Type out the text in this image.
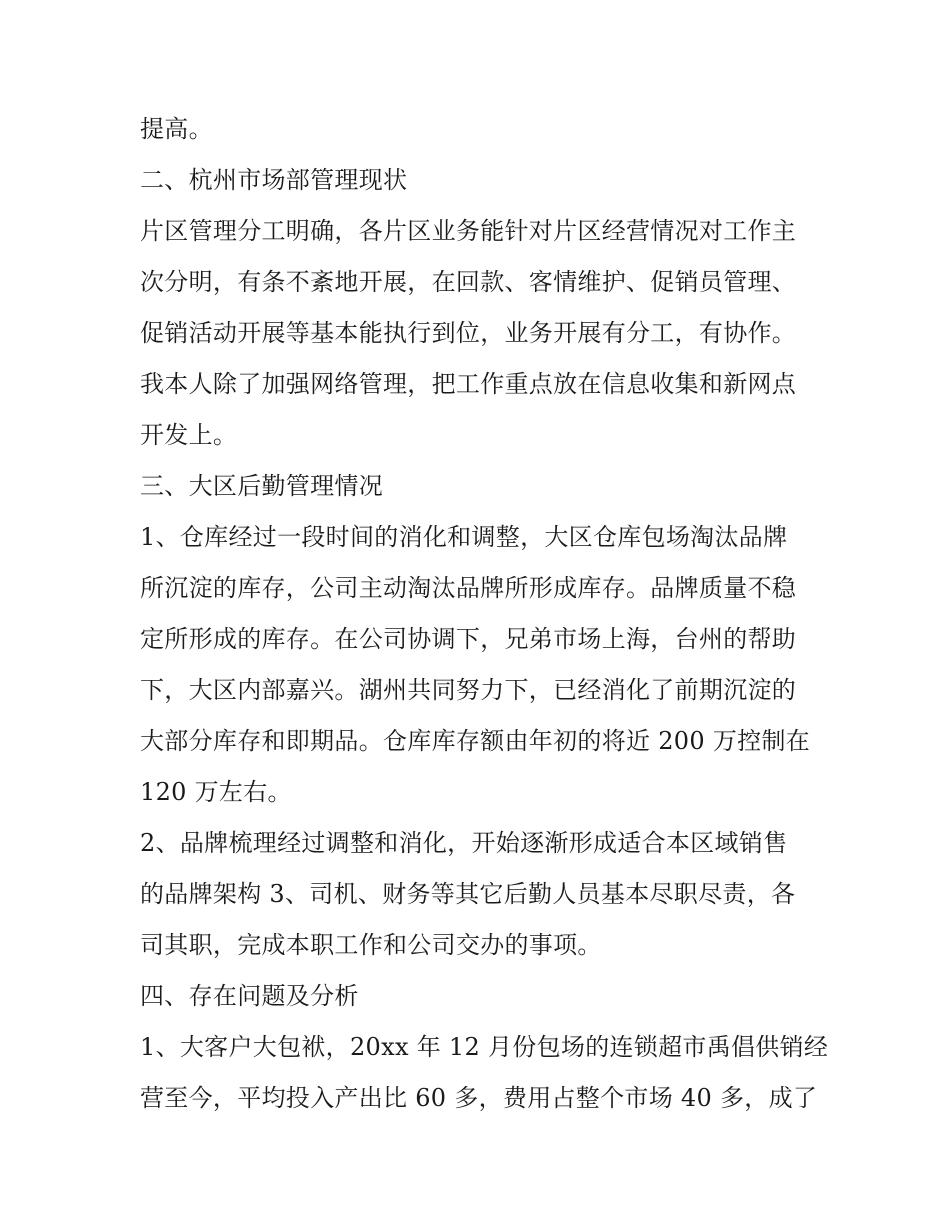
提高。
二、杭州市场部管理现状
片区管理分工明确，各片区业务能针对片区经营情况对工作主
次分明，有条不紊地开展，在回款、客情维护、促销员管理、
促销活动开展等基本能执行到位，业务开展有分工，有协作。
我本人除了加强网络管理，把工作重点放在信息收集和新网点
开发上。
三、大区后勤管理情况
1、仓库经过一段时间的消化和调整，大区仓库包场淘汰品牌
所沉淀的库存，公司主动淘汰品牌所形成库存。品牌质量不稳
定所形成的库存。在公司协调下，兄弟市场上海，台州的帮助
下，大区内部嘉兴。湖州共同努力下，已经消化了前期沉淀的
大部分库存和即期品。仓库库存额由年初的将近 200 万控制在
120 万左右。
2、品牌梳理经过调整和消化，开始逐渐形成适合本区域销售
的品牌架构 3、司机、财务等其它后勤人员基本尽职尽责，各
司其职，完成本职工作和公司交办的事项。
四、存在问题及分析
1、大客户大包袱，20xx 年 12 月份包场的连锁超市禹倡供销经
营至今，平均投入产出比 60 多，费用占整个市场 40 多，成了
